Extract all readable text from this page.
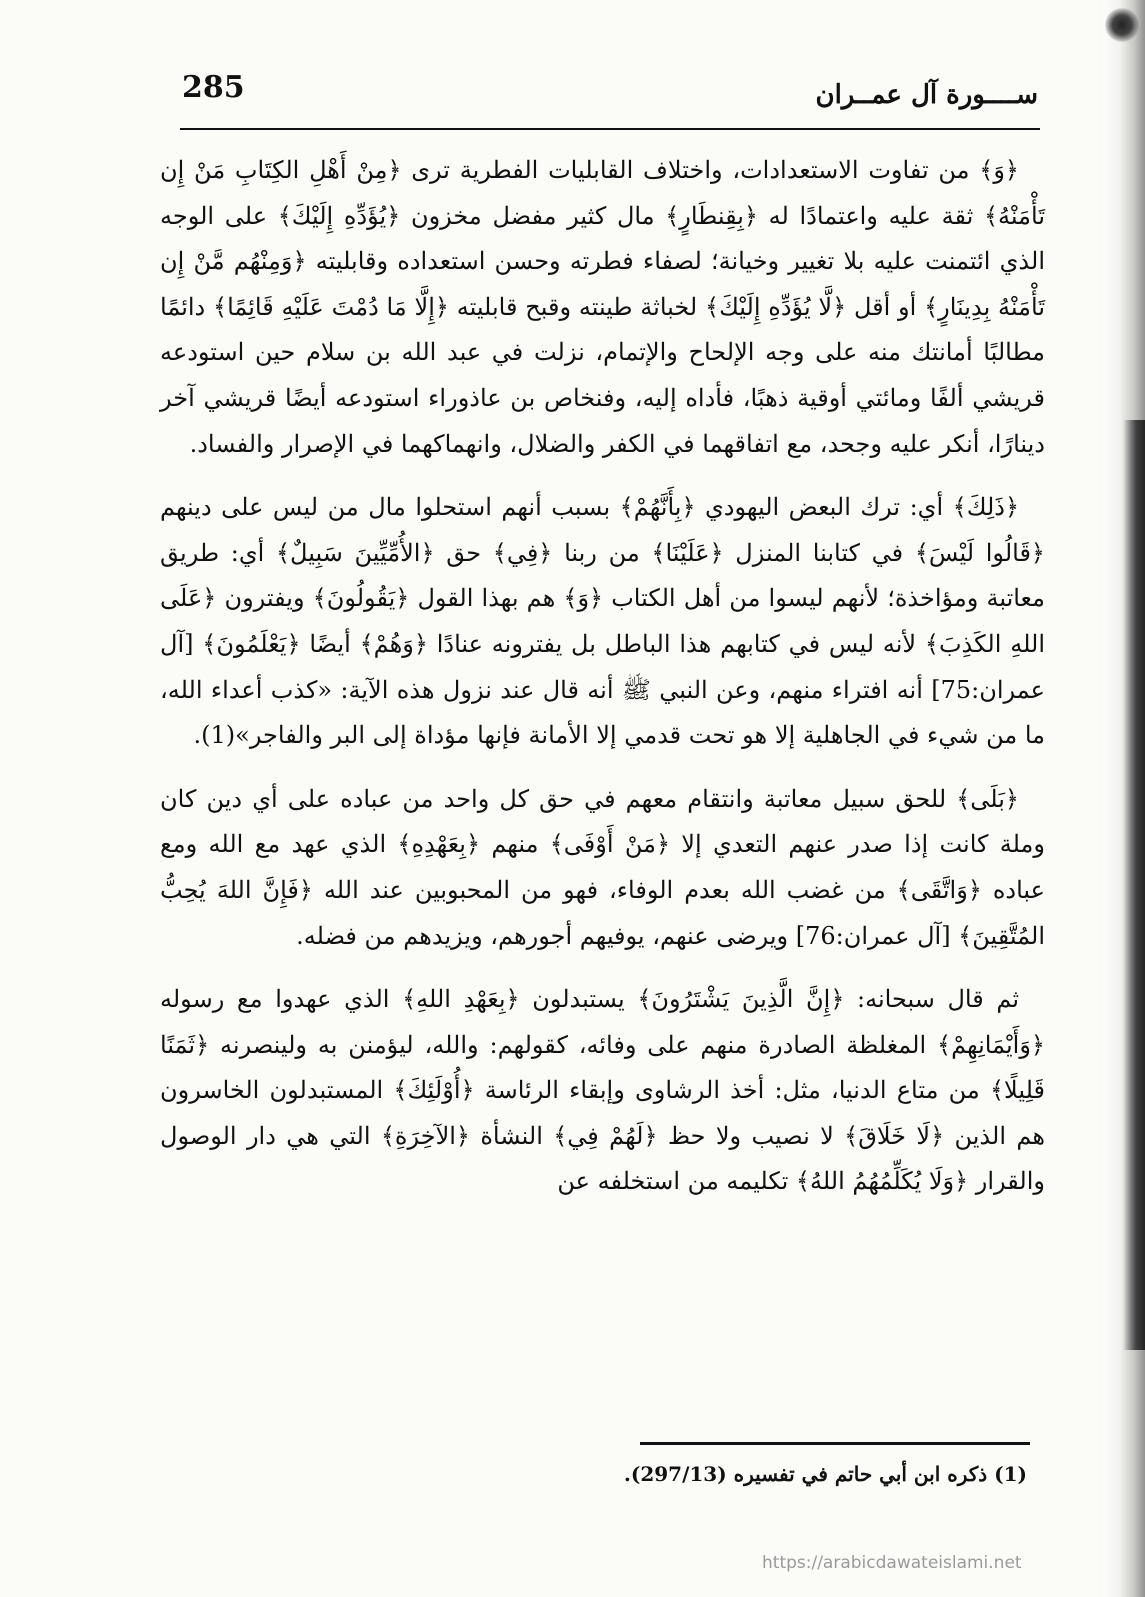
285	ســــورة آل عمــران

﴿وَ﴾ من تفاوت الاستعدادات، واختلاف القابليات الفطرية ترى ﴿مِنْ أَهْلِ الكِتَابِ مَنْ إِن تَأْمَنْهُ﴾ ثقة عليه واعتمادًا له ﴿بِقِنطَارٍ﴾ مال كثير مفضل مخزون ﴿يُؤَدِّهِ إِلَيْكَ﴾ على الوجه الذي ائتمنت عليه بلا تغيير وخيانة؛ لصفاء فطرته وحسن استعداده وقابليته ﴿وَمِنْهُم مَّنْ إِن تَأْمَنْهُ بِدِينَارٍ﴾ أو أقل ﴿لَّا يُؤَدِّهِ إِلَيْكَ﴾ لخباثة طينته وقبح قابليته ﴿إِلَّا مَا دُمْتَ عَلَيْهِ قَائِمًا﴾ دائمًا مطالبًا أمانتك منه على وجه الإلحاح والإتمام، نزلت في عبد الله بن سلام حين استودعه قريشي ألفًا ومائتي أوقية ذهبًا، فأداه إليه، وفنخاص بن عاذوراء استودعه أيضًا قريشي آخر دينارًا، أنكر عليه وجحد، مع اتفاقهما في الكفر والضلال، وانهماكهما في الإصرار والفساد.

﴿ذَلِكَ﴾ أي: ترك البعض اليهودي ﴿بِأَنَّهُمْ﴾ بسبب أنهم استحلوا مال من ليس على دينهم ﴿قَالُوا لَيْسَ﴾ في كتابنا المنزل ﴿عَلَيْنَا﴾ من ربنا ﴿فِي﴾ حق ﴿الأُمِّيِّينَ سَبِيلٌ﴾ أي: طريق معاتبة ومؤاخذة؛ لأنهم ليسوا من أهل الكتاب ﴿وَ﴾ هم بهذا القول ﴿يَقُولُونَ﴾ ويفترون ﴿عَلَى اللهِ الكَذِبَ﴾ لأنه ليس في كتابهم هذا الباطل بل يفترونه عنادًا ﴿وَهُمْ﴾ أيضًا ﴿يَعْلَمُونَ﴾ [آل عمران:75] أنه افتراء منهم، وعن النبي ﷺ أنه قال عند نزول هذه الآية: «كذب أعداء الله، ما من شيء في الجاهلية إلا هو تحت قدمي إلا الأمانة فإنها مؤداة إلى البر والفاجر»(1).

﴿بَلَى﴾ للحق سبيل معاتبة وانتقام معهم في حق كل واحد من عباده على أي دين كان وملة كانت إذا صدر عنهم التعدي إلا ﴿مَنْ أَوْفَى﴾ منهم ﴿بِعَهْدِهِ﴾ الذي عهد مع الله ومع عباده ﴿وَاتَّقَى﴾ من غضب الله بعدم الوفاء، فهو من المحبوبين عند الله ﴿فَإِنَّ اللهَ يُحِبُّ المُتَّقِينَ﴾ [آل عمران:76] ويرضى عنهم، يوفيهم أجورهم، ويزيدهم من فضله.

ثم قال سبحانه: ﴿إِنَّ الَّذِينَ يَشْتَرُونَ﴾ يستبدلون ﴿بِعَهْدِ اللهِ﴾ الذي عهدوا مع رسوله ﴿وَأَيْمَانِهِمْ﴾ المغلظة الصادرة منهم على وفائه، كقولهم: والله، ليؤمنن به ولينصرنه ﴿ثَمَنًا قَلِيلًا﴾ من متاع الدنيا، مثل: أخذ الرشاوى وإبقاء الرئاسة ﴿أُوْلَئِكَ﴾ المستبدلون الخاسرون هم الذين ﴿لَا خَلَاقَ﴾ لا نصيب ولا حظ ﴿لَهُمْ فِي﴾ النشأة ﴿الآخِرَةِ﴾ التي هي دار الوصول والقرار ﴿وَلَا يُكَلِّمُهُمُ اللهُ﴾ تكليمه من استخلفه عن

(1) ذكره ابن أبي حاتم في تفسيره (297/13).
https://arabicdawateislami.net
